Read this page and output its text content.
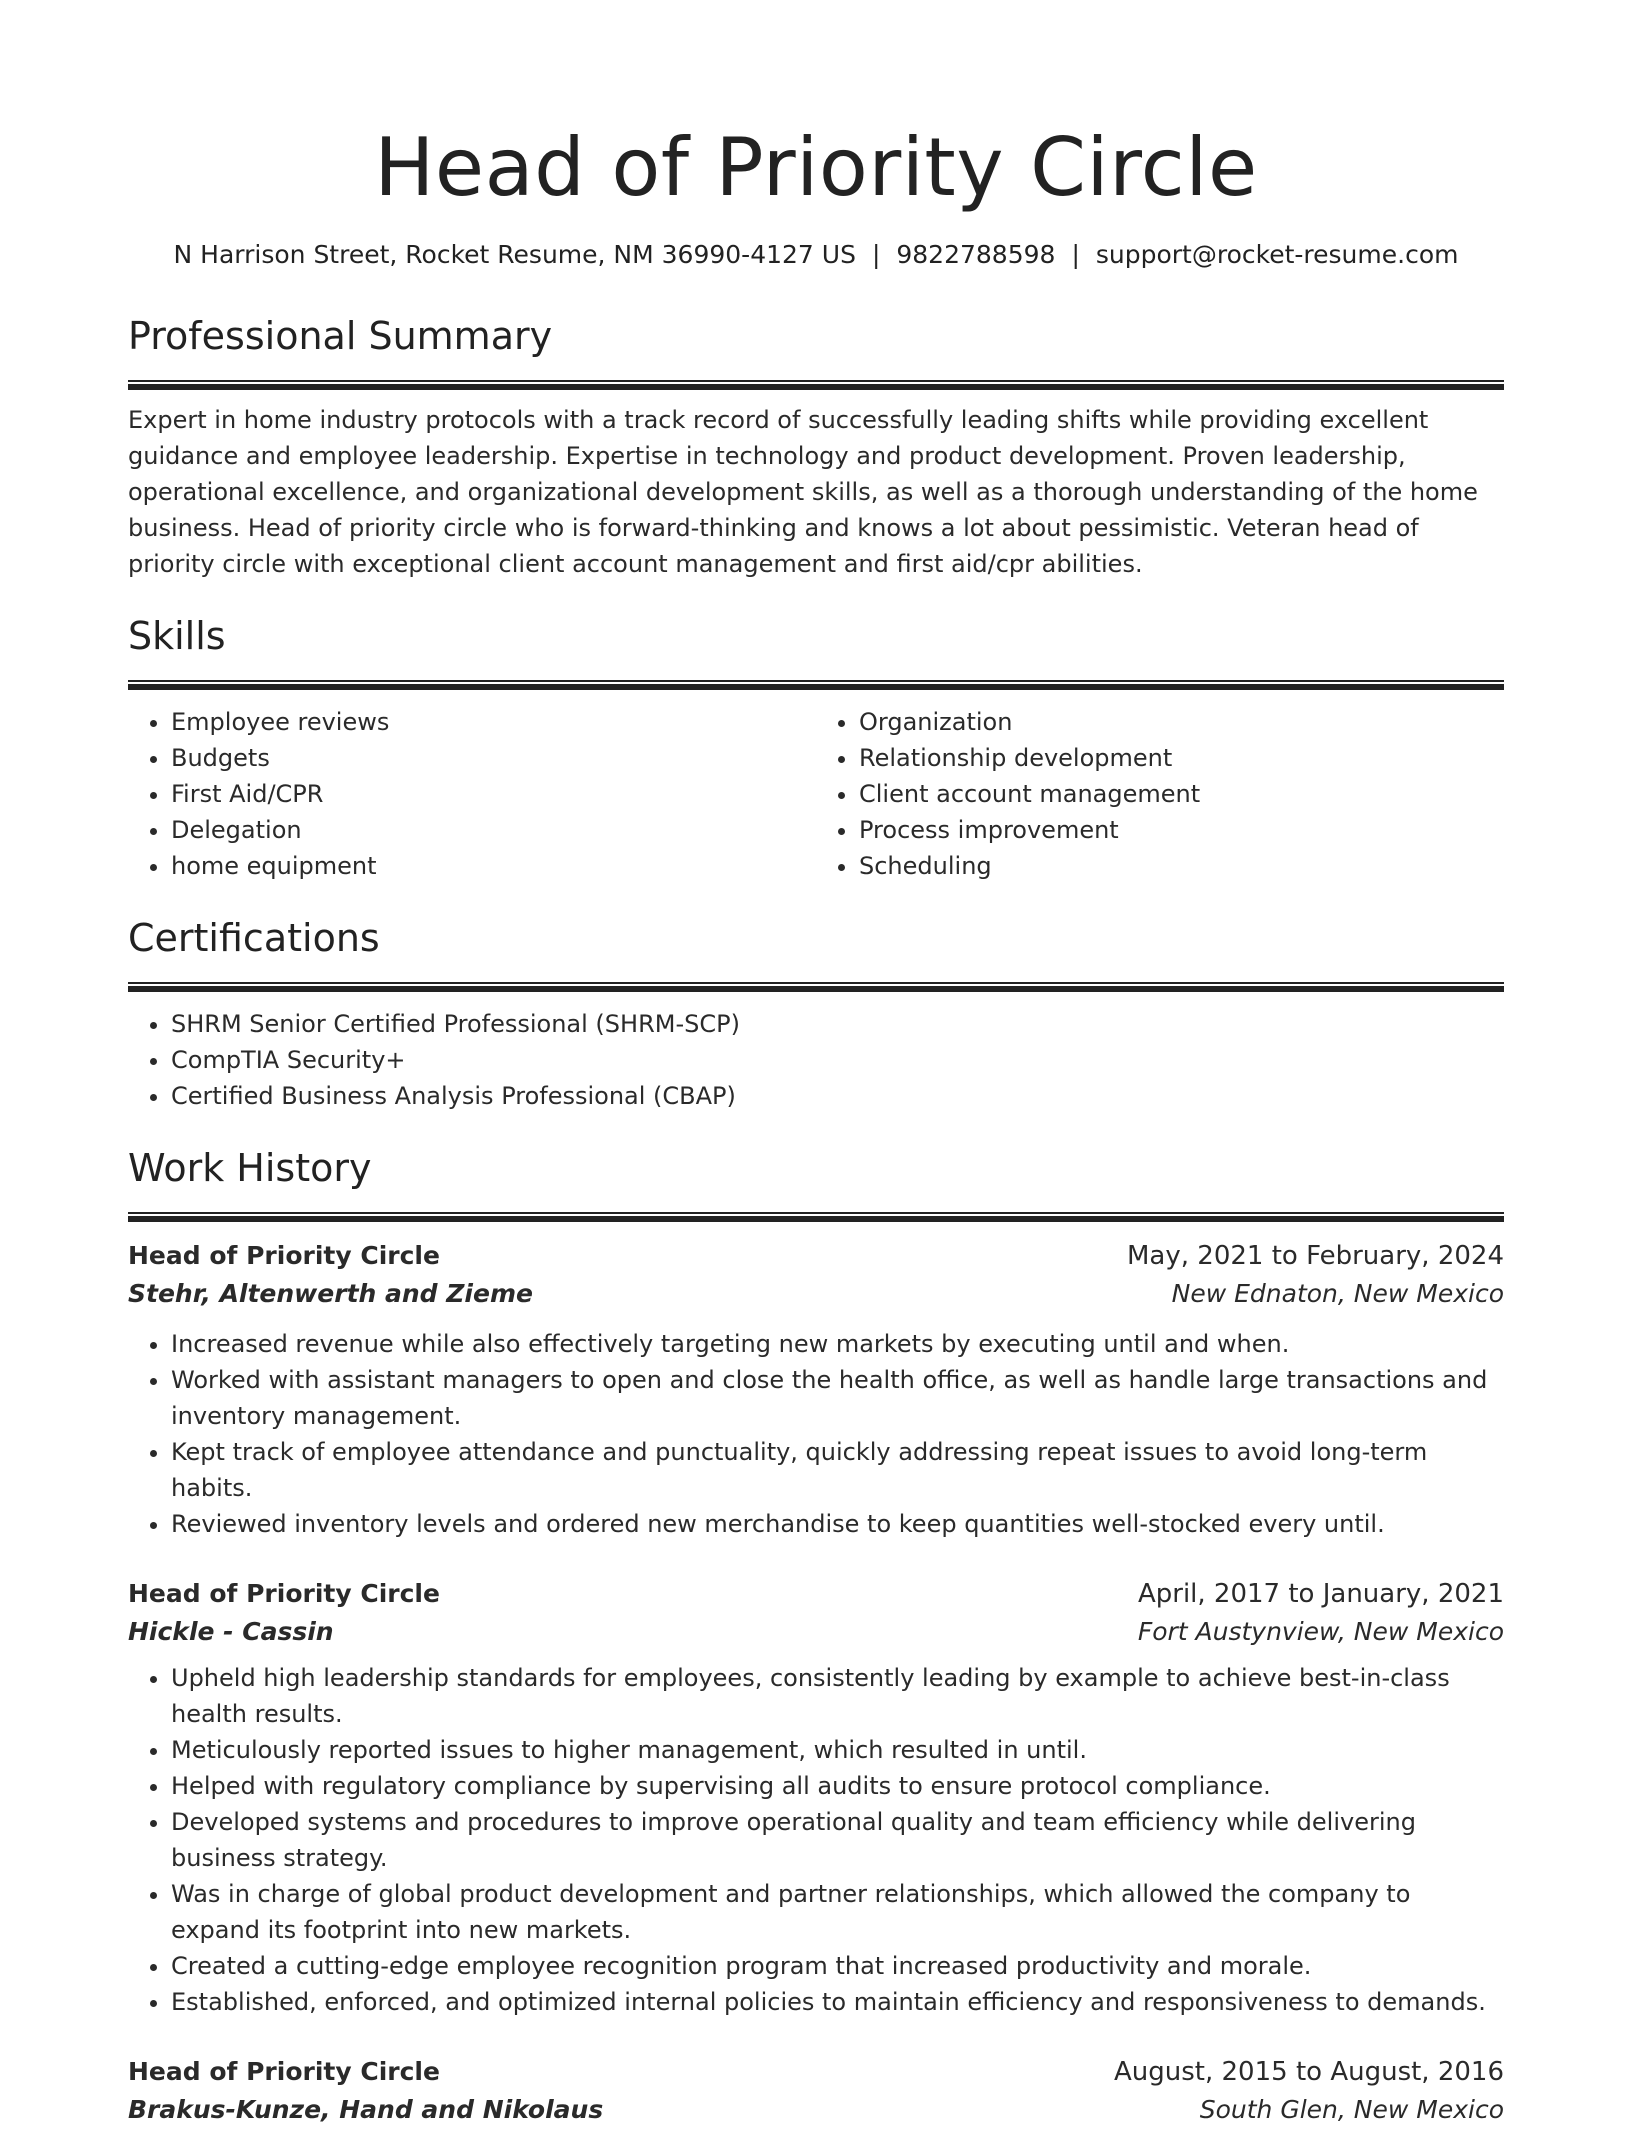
Head of Priority Circle
N Harrison Street, Rocket Resume, NM 36990-4127 US | 9822788598 | support@rocket-resume.com
Professional Summary

Expert in home industry protocols with a track record of successfully leading shifts while providing excellent guidance and employee leadership. Expertise in technology and product development. Proven leadership, operational excellence, and organizational development skills, as well as a thorough understanding of the home business. Head of priority circle who is forward-thinking and knows a lot about pessimistic. Veteran head of priority circle with exceptional client account management and first aid/cpr abilities.

Skills
• Employee reviews
• Budgets
• First Aid/CPR
• Delegation
• home equipment
• Organization
• Relationship development
• Client account management
• Process improvement
• Scheduling
Certifications
• SHRM Senior Certified Professional (SHRM-SCP)
• CompTIA Security+
• Certified Business Analysis Professional (CBAP)
Work History
Head of Priority Circle	May, 2021 to February, 2024
Stehr, Altenwerth and Zieme	New Ednaton, New Mexico
• Increased revenue while also effectively targeting new markets by executing until and when.
• Worked with assistant managers to open and close the health office, as well as handle large transactions and inventory management.
• Kept track of employee attendance and punctuality, quickly addressing repeat issues to avoid long-term habits.
• Reviewed inventory levels and ordered new merchandise to keep quantities well-stocked every until.
Head of Priority Circle	April, 2017 to January, 2021
Hickle - Cassin	Fort Austynview, New Mexico
• Upheld high leadership standards for employees, consistently leading by example to achieve best-in-class health results.
• Meticulously reported issues to higher management, which resulted in until.
• Helped with regulatory compliance by supervising all audits to ensure protocol compliance.
• Developed systems and procedures to improve operational quality and team efficiency while delivering business strategy.
• Was in charge of global product development and partner relationships, which allowed the company to expand its footprint into new markets.
• Created a cutting-edge employee recognition program that increased productivity and morale.
• Established, enforced, and optimized internal policies to maintain efficiency and responsiveness to demands.
Head of Priority Circle	August, 2015 to August, 2016
Brakus-Kunze, Hand and Nikolaus	South Glen, New Mexico
